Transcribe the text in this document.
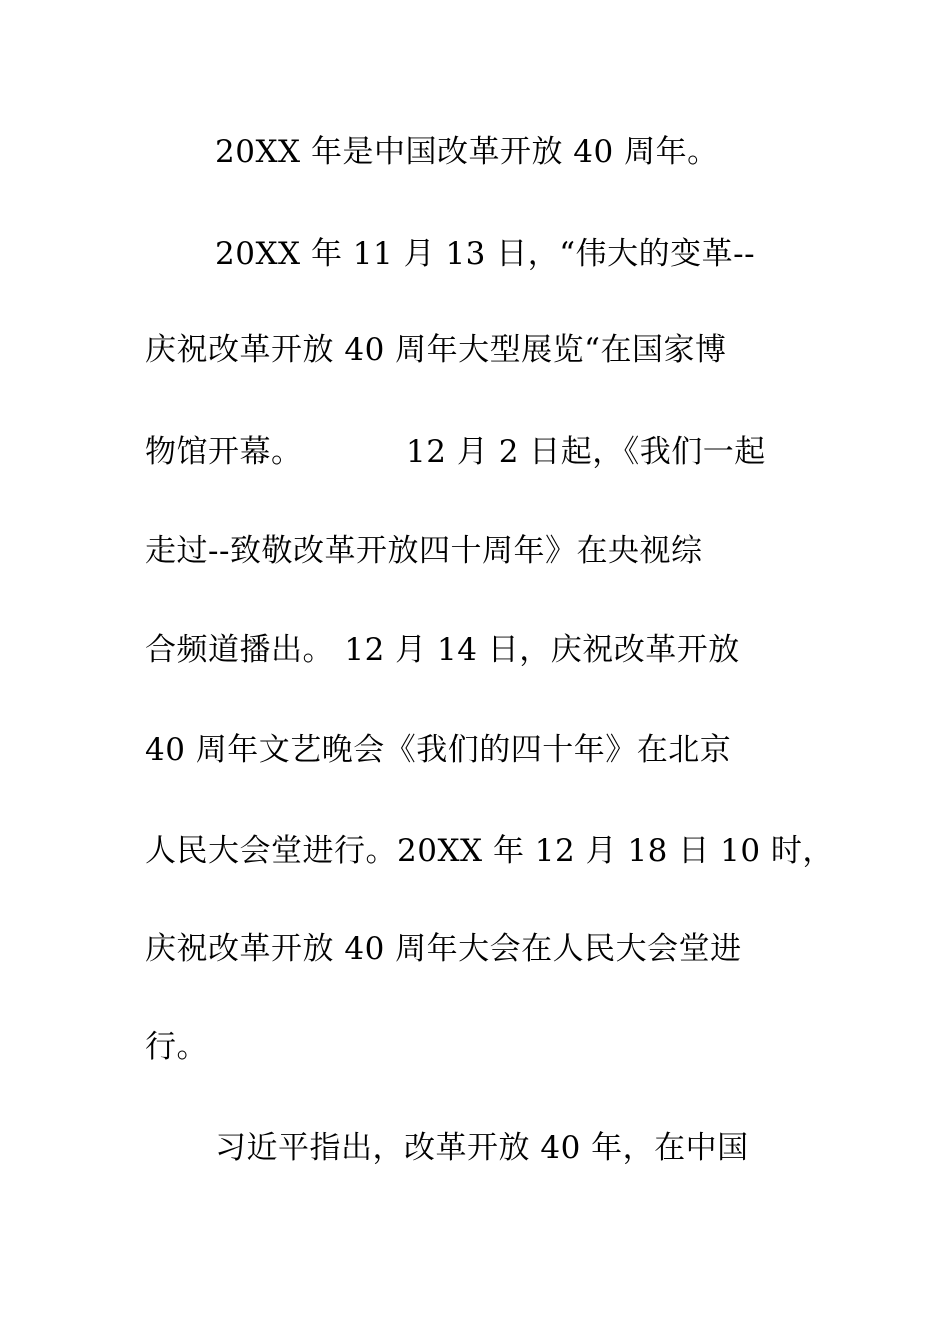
20XX 年是中国改革开放 40 周年。
20XX 年 11 月 13 日，“伟大的变革--
庆祝改革开放 40 周年大型展览“在国家博
物馆开幕。          12 月 2 日起，《我们一起
走过--致敬改革开放四十周年》在央视综
合频道播出。 12 月 14 日，庆祝改革开放
40 周年文艺晚会《我们的四十年》在北京
人民大会堂进行。20XX 年 12 月 18 日 10 时，
庆祝改革开放 40 周年大会在人民大会堂进
行。
习近平指出，改革开放 40 年，在中国
